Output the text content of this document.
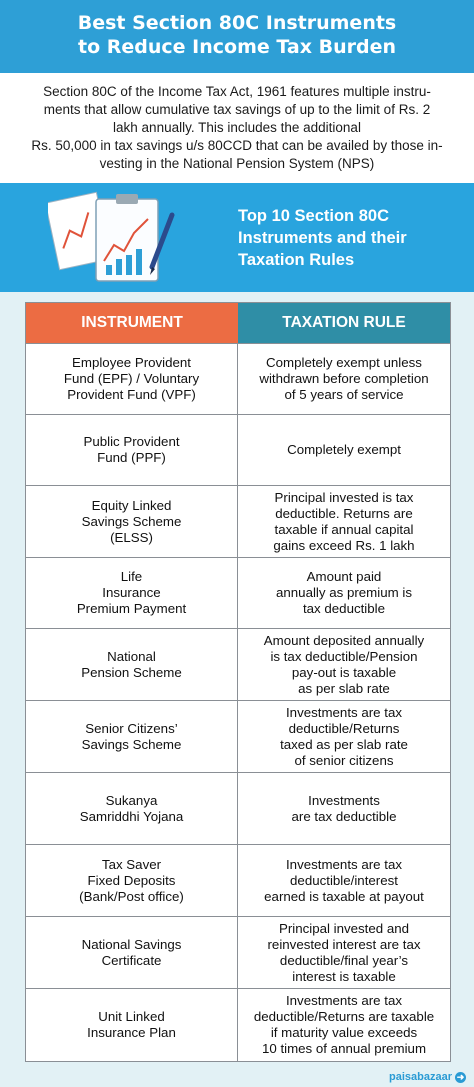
Best Section 80C Instruments
to Reduce Income Tax Burden

Section 80C of the Income Tax Act, 1961 features multiple instru-
ments that allow cumulative tax savings of up to the limit of Rs. 2
lakh annually. This includes the additional
Rs. 50,000 in tax savings u/s 80CCD that can be availed by those in-
vesting in the National Pension System (NPS)

Top 10 Section 80C
Instruments and their
Taxation Rules
INSTRUMENT	TAXATION RULE
Employee Provident
Fund (EPF) / Voluntary
Provident Fund (VPF)
Completely exempt unless
withdrawn before completion
of 5 years of service
Public Provident
Fund (PPF)
Completely exempt
Equity Linked
Savings Scheme
(ELSS)
Principal invested is tax
deductible. Returns are
taxable if annual capital
gains exceed Rs. 1 lakh
Life
Insurance
Premium Payment
Amount paid
annually as premium is
tax deductible
National
Pension Scheme
Amount deposited annually
is tax deductible/Pension
pay-out is taxable
as per slab rate
Senior Citizens’
Savings Scheme
Investments are tax
deductible/Returns
taxed as per slab rate
of senior citizens
Sukanya
Samriddhi Yojana
Investments
are tax deductible
Tax Saver
Fixed Deposits
(Bank/Post office)
Investments are tax
deductible/interest
earned is taxable at payout
National Savings
Certificate
Principal invested and
reinvested interest are tax
deductible/final year’s
interest is taxable
Unit Linked
Insurance Plan
Investments are tax
deductible/Returns are taxable
if maturity value exceeds
10 times of annual premium
paisabazaar ➜
